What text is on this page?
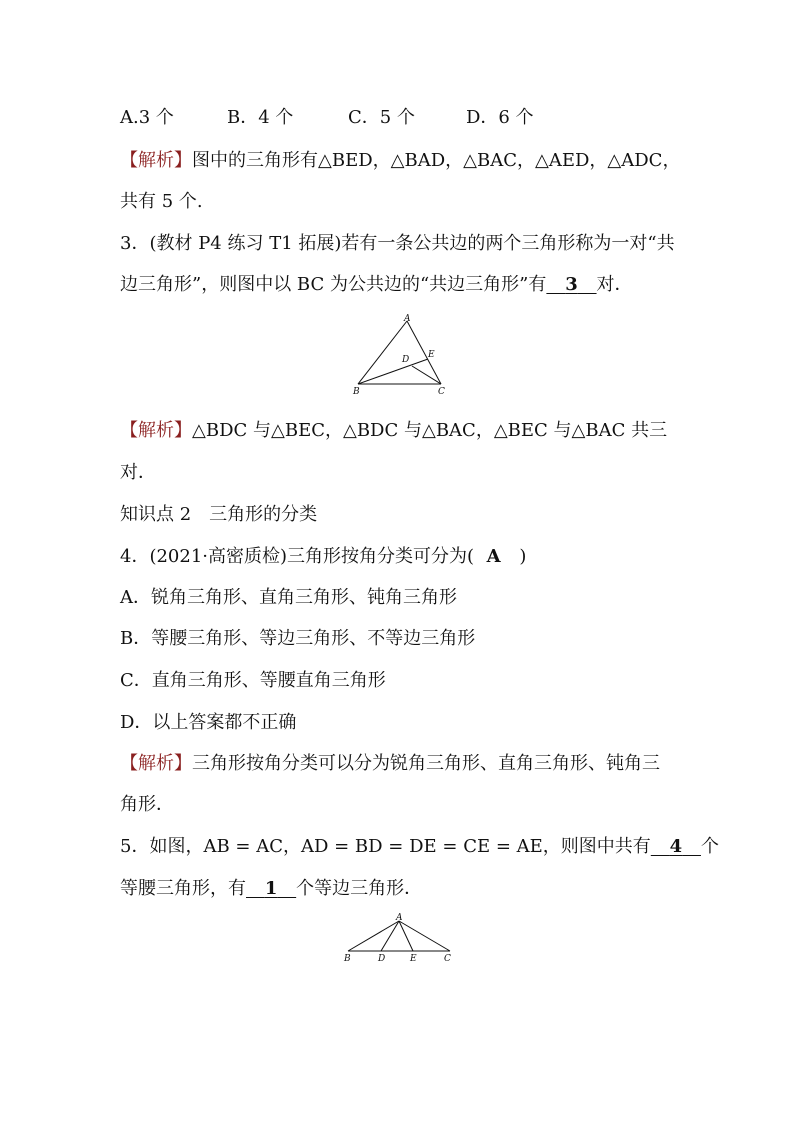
A.3 个	B．4 个	C．5 个	D．6 个
【解析】图中的三角形有△BED，△BAD，△BAC，△AED，△ADC，
共有 5 个.
3．(教材 P4 练习 T1 拓展)若有一条公共边的两个三角形称为一对“共
边三角形”，则图中以 BC 为公共边的“共边三角形”有 3 对．
A
D E
B	C
【解析】△BDC 与△BEC，△BDC 与△BAC，△BEC 与△BAC 共三
对．
知识点 2　三角形的分类
4．(2021·高密质检)三角形按角分类可分为( A )
A．锐角三角形、直角三角形、钝角三角形
B．等腰三角形、等边三角形、不等边三角形
C．直角三角形、等腰直角三角形
D．以上答案都不正确
【解析】三角形按角分类可以分为锐角三角形、直角三角形、钝角三
角形．
5．如图，AB = AC，AD = BD = DE = CE = AE，则图中共有 4 个
等腰三角形，有 1 个等边三角形．
A
B	D	E	C
